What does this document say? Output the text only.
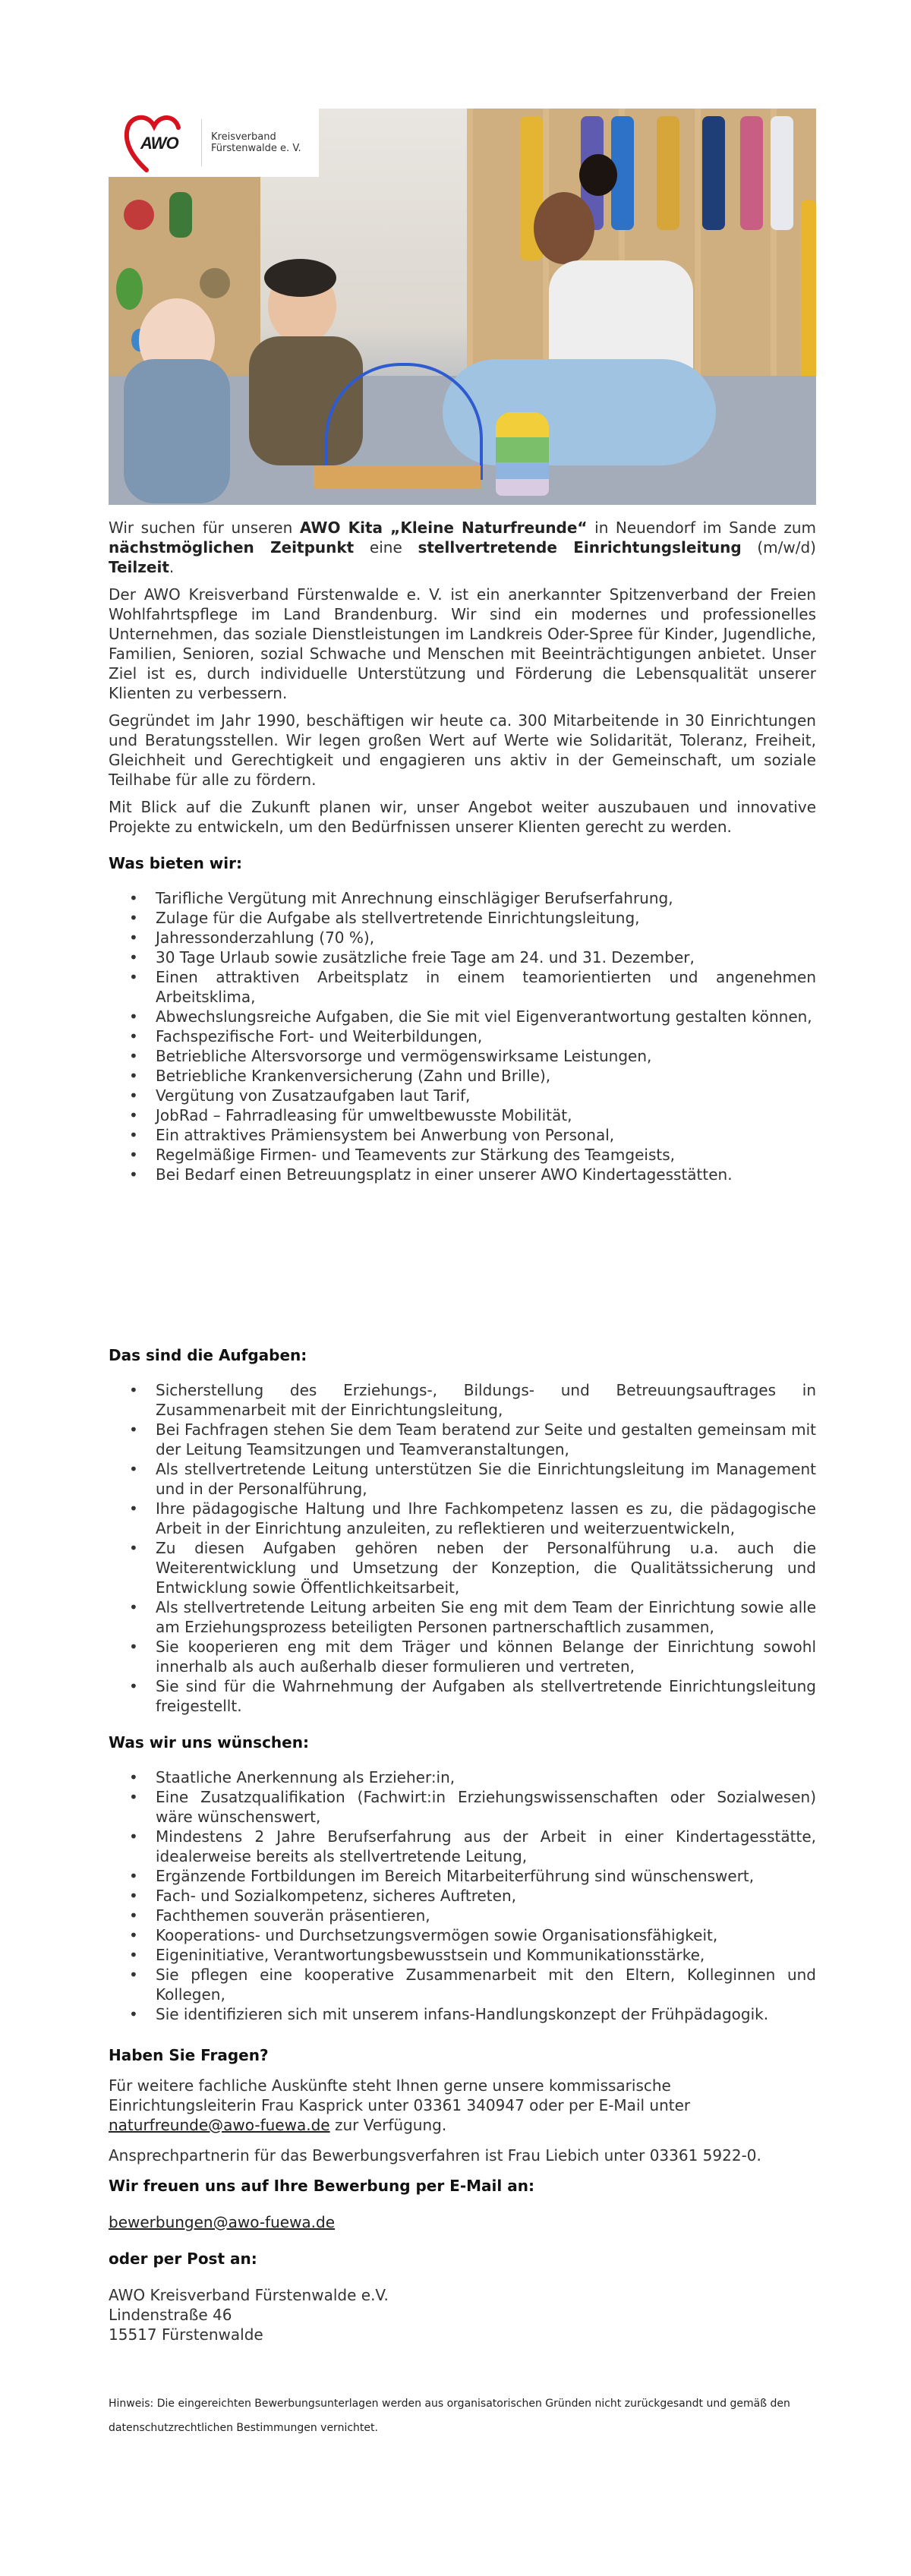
AWO	Kreisverband
Fürstenwalde e. V.

Wir suchen für unseren AWO Kita „Kleine Naturfreunde“ in Neuendorf im Sande zum nächstmöglichen Zeitpunkt eine stellvertretende Einrichtungsleitung (m/w/d) Teilzeit.

Der AWO Kreisverband Fürstenwalde e. V. ist ein anerkannter Spitzenverband der Freien Wohlfahrtspflege im Land Brandenburg. Wir sind ein modernes und professionelles Unternehmen, das soziale Dienstleistungen im Landkreis Oder-Spree für Kinder, Jugendliche, Familien, Senioren, sozial Schwache und Menschen mit Beeinträchtigungen anbietet. Unser Ziel ist es, durch individuelle Unterstützung und Förderung die Lebensqualität unserer Klienten zu verbessern.

Gegründet im Jahr 1990, beschäftigen wir heute ca. 300 Mitarbeitende in 30 Einrichtungen und Beratungsstellen. Wir legen großen Wert auf Werte wie Solidarität, Toleranz, Freiheit, Gleichheit und Gerechtigkeit und engagieren uns aktiv in der Gemeinschaft, um soziale Teilhabe für alle zu fördern.

Mit Blick auf die Zukunft planen wir, unser Angebot weiter auszubauen und innovative Projekte zu entwickeln, um den Bedürfnissen unserer Klienten gerecht zu werden.

Was bieten wir:
• Tarifliche Vergütung mit Anrechnung einschlägiger Berufserfahrung,
• Zulage für die Aufgabe als stellvertretende Einrichtungsleitung,
• Jahressonderzahlung (70 %),
• 30 Tage Urlaub sowie zusätzliche freie Tage am 24. und 31. Dezember,
• Einen attraktiven Arbeitsplatz in einem teamorientierten und angenehmen Arbeitsklima,
• Abwechslungsreiche Aufgaben, die Sie mit viel Eigenverantwortung gestalten können,
• Fachspezifische Fort- und Weiterbildungen,
• Betriebliche Altersvorsorge und vermögenswirksame Leistungen,
• Betriebliche Krankenversicherung (Zahn und Brille),
• Vergütung von Zusatzaufgaben laut Tarif,
• JobRad – Fahrradleasing für umweltbewusste Mobilität,
• Ein attraktives Prämiensystem bei Anwerbung von Personal,
• Regelmäßige Firmen- und Teamevents zur Stärkung des Teamgeists,
• Bei Bedarf einen Betreuungsplatz in einer unserer AWO Kindertagesstätten.
Das sind die Aufgaben:
• Sicherstellung des Erziehungs-, Bildungs- und Betreuungsauftrages in Zusammenarbeit mit der Einrichtungsleitung,
• Bei Fachfragen stehen Sie dem Team beratend zur Seite und gestalten gemeinsam mit der Leitung Teamsitzungen und Teamveranstaltungen,
• Als stellvertretende Leitung unterstützen Sie die Einrichtungsleitung im Management und in der Personalführung,
• Ihre pädagogische Haltung und Ihre Fachkompetenz lassen es zu, die pädagogische Arbeit in der Einrichtung anzuleiten, zu reflektieren und weiterzuentwickeln,
• Zu diesen Aufgaben gehören neben der Personalführung u.a. auch die Weiterentwicklung und Umsetzung der Konzeption, die Qualitätssicherung und Entwicklung sowie Öffentlichkeitsarbeit,
• Als stellvertretende Leitung arbeiten Sie eng mit dem Team der Einrichtung sowie alle am Erziehungsprozess beteiligten Personen partnerschaftlich zusammen,
• Sie kooperieren eng mit dem Träger und können Belange der Einrichtung sowohl innerhalb als auch außerhalb dieser formulieren und vertreten,
• Sie sind für die Wahrnehmung der Aufgaben als stellvertretende Einrichtungsleitung freigestellt.
Was wir uns wünschen:
• Staatliche Anerkennung als Erzieher:in,
• Eine Zusatzqualifikation (Fachwirt:in Erziehungswissenschaften oder Sozialwesen) wäre wünschenswert,
• Mindestens 2 Jahre Berufserfahrung aus der Arbeit in einer Kindertagesstätte, idealerweise bereits als stellvertretende Leitung,
• Ergänzende Fortbildungen im Bereich Mitarbeiterführung sind wünschenswert,
• Fach- und Sozialkompetenz, sicheres Auftreten,
• Fachthemen souverän präsentieren,
• Kooperations- und Durchsetzungsvermögen sowie Organisationsfähigkeit,
• Eigeninitiative, Verantwortungsbewusstsein und Kommunikationsstärke,
• Sie pflegen eine kooperative Zusammenarbeit mit den Eltern, Kolleginnen und Kollegen,
• Sie identifizieren sich mit unserem infans-Handlungskonzept der Frühpädagogik.
Haben Sie Fragen?

Für weitere fachliche Auskünfte steht Ihnen gerne unsere kommissarische Einrichtungsleiterin Frau Kasprick unter 03361 340947 oder per E-Mail unter naturfreunde@awo-fuewa.de zur Verfügung.

Ansprechpartnerin für das Bewerbungsverfahren ist Frau Liebich unter 03361 5922-0.

Wir freuen uns auf Ihre Bewerbung per E-Mail an:

bewerbungen@awo-fuewa.de

oder per Post an:
AWO Kreisverband Fürstenwalde e.V.
Lindenstraße 46
15517 Fürstenwalde

Hinweis: Die eingereichten Bewerbungsunterlagen werden aus organisatorischen Gründen nicht zurückgesandt und gemäß den datenschutzrechtlichen Bestimmungen vernichtet.
